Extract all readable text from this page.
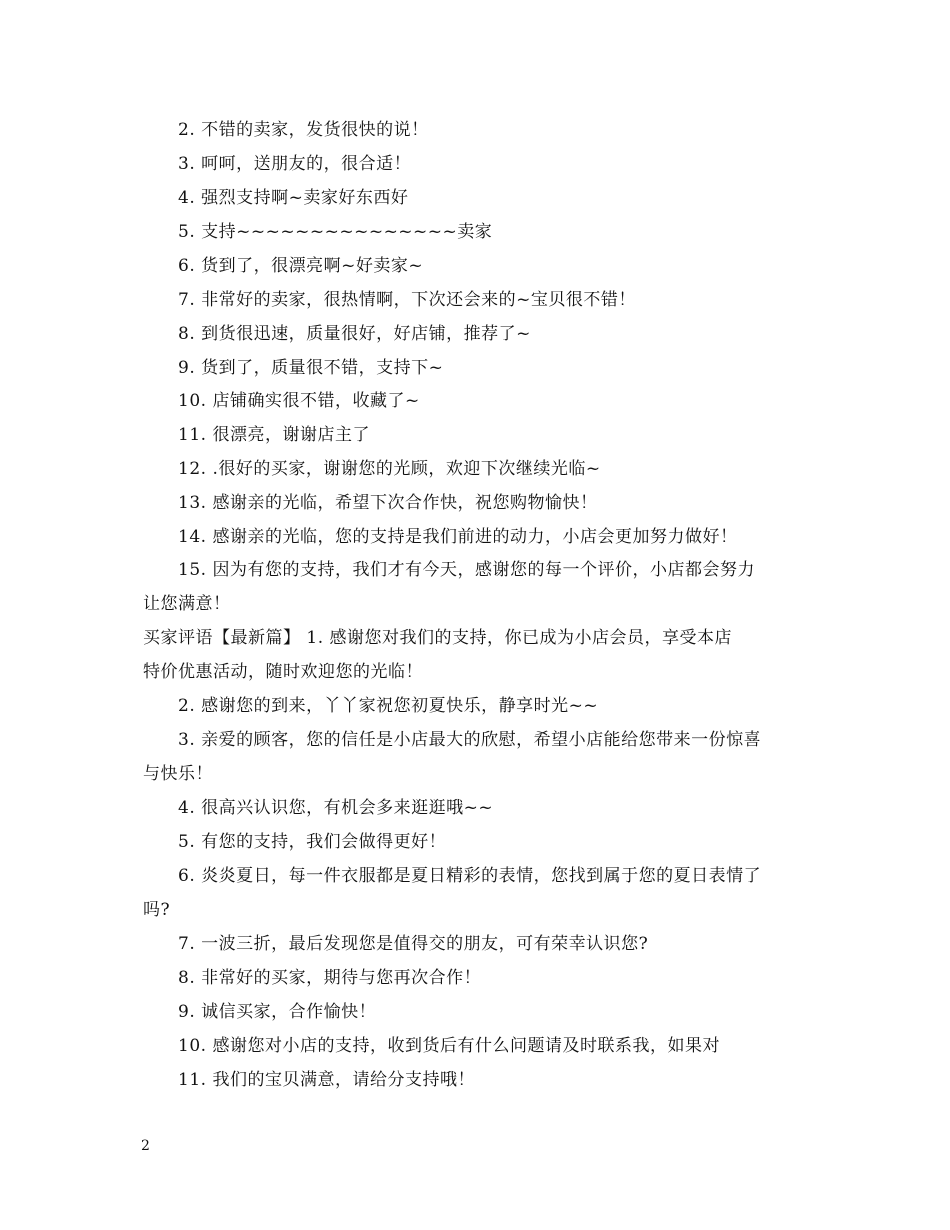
2. 不错的卖家，发货很快的说！
3. 呵呵，送朋友的，很合适！
4. 强烈支持啊~卖家好东西好
5. 支持~~~~~~~~~~~~~~~卖家
6. 货到了，很漂亮啊~好卖家~
7. 非常好的卖家，很热情啊，下次还会来的~宝贝很不错！
8. 到货很迅速，质量很好，好店铺，推荐了~
9. 货到了，质量很不错，支持下~
10. 店铺确实很不错，收藏了~
11. 很漂亮，谢谢店主了
12. .很好的买家，谢谢您的光顾，欢迎下次继续光临~
13. 感谢亲的光临，希望下次合作快，祝您购物愉快！
14. 感谢亲的光临，您的支持是我们前进的动力，小店会更加努力做好！
15. 因为有您的支持，我们才有今天，感谢您的每一个评价，小店都会努力
让您满意！
买家评语【最新篇】 1. 感谢您对我们的支持，你已成为小店会员，享受本店
特价优惠活动，随时欢迎您的光临！
2. 感谢您的到来，丫丫家祝您初夏快乐，静享时光~~
3. 亲爱的顾客，您的信任是小店最大的欣慰，希望小店能给您带来一份惊喜
与快乐！
4. 很高兴认识您，有机会多来逛逛哦~~
5. 有您的支持，我们会做得更好！
6. 炎炎夏日，每一件衣服都是夏日精彩的表情，您找到属于您的夏日表情了
吗?
7. 一波三折，最后发现您是值得交的朋友，可有荣幸认识您?
8. 非常好的买家，期待与您再次合作！
9. 诚信买家，合作愉快！
10. 感谢您对小店的支持，收到货后有什么问题请及时联系我，如果对
11. 我们的宝贝满意，请给分支持哦！
2
